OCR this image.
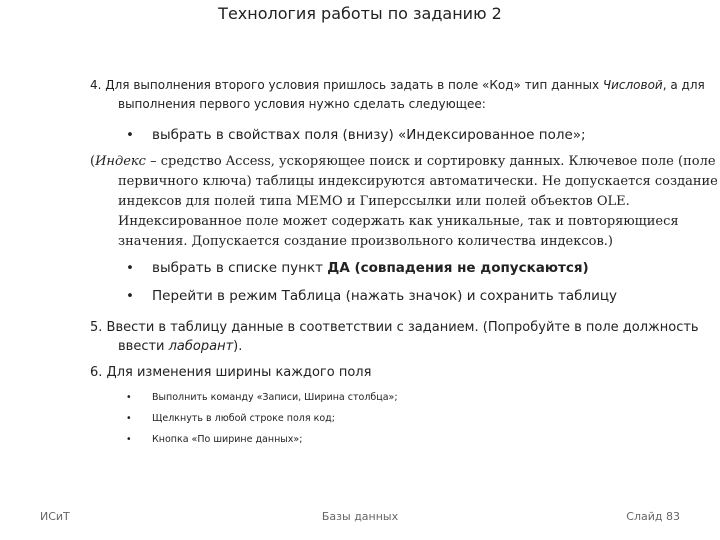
Технология работы по заданию 2
4. Для выполнения второго условия пришлось задать в поле «Код» тип данных Числовой, а для выполнения первого условия нужно сделать следующее:
•	выбрать в свойствах поля (внизу) «Индексированное поле»;
(Индекс – средство Access, ускоряющее поиск и сортировку данных. Ключевое поле (поле первичного ключа) таблицы индексируются автоматически. Не допускается создание индексов для полей типа MEMO и Гиперссылки или полей объектов OLE. Индексированное поле может содержать как уникальные, так и повторяющиеся значения. Допускается создание произвольного количества индексов.)
•	выбрать в списке пункт ДА (совпадения не допускаются)
•	Перейти в режим Таблица (нажать значок) и сохранить таблицу
5. Ввести в таблицу данные в соответствии с заданием. (Попробуйте в поле должность ввести лаборант).
6. Для изменения ширины каждого поля
•	Выполнить команду «Записи, Ширина столбца»;
•	Щелкнуть в любой строке поля код;
•	Кнопка «По ширине данных»;
ИСиТ	Базы данных	Слайд 83
